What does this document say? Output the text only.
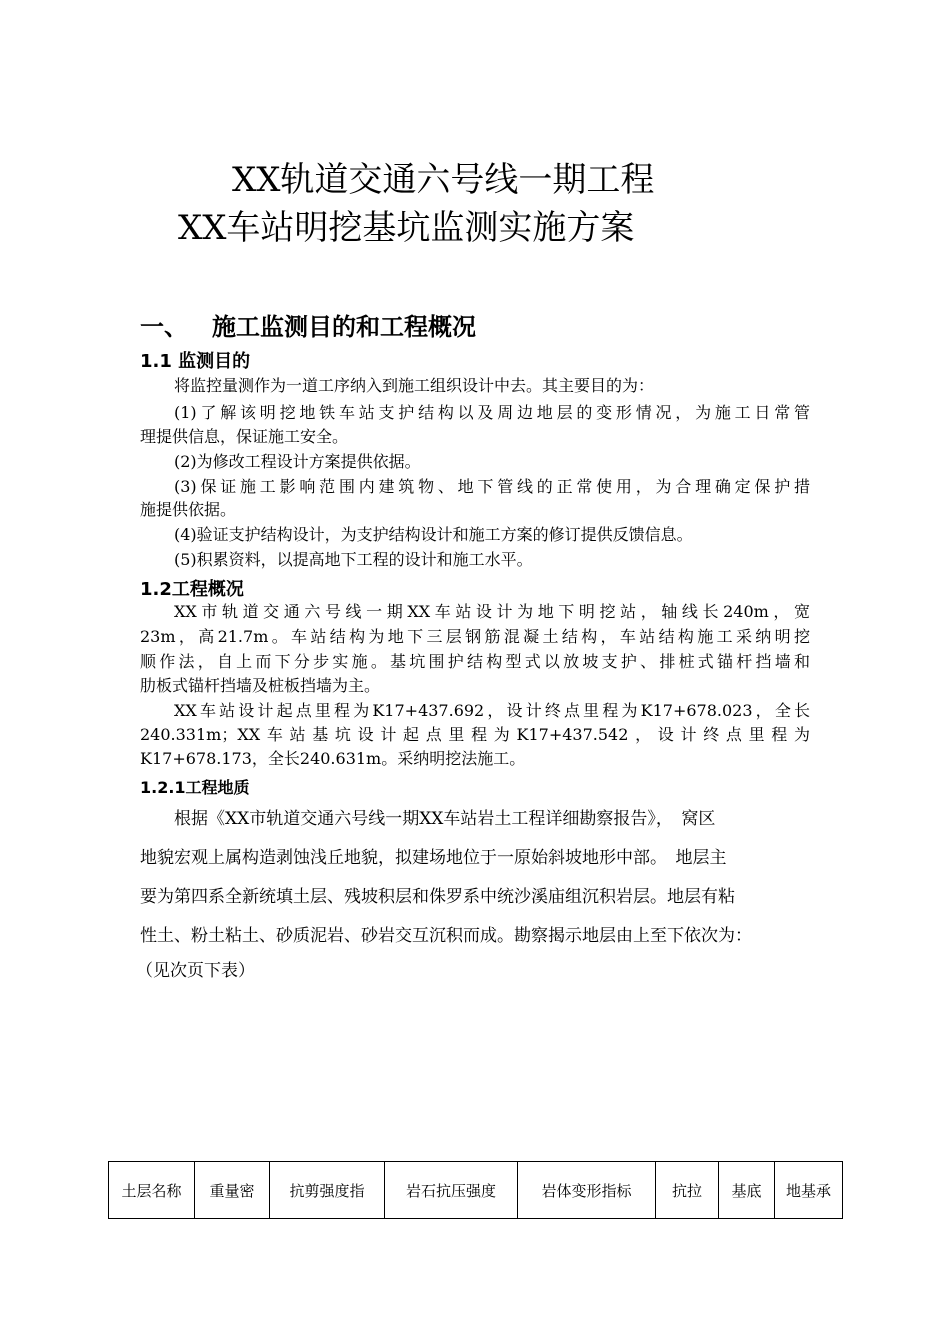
XX轨道交通六号线一期工程
XX车站明挖基坑监测实施方案
一、 施工监测目的和工程概况
1.1 监测目的
将监控量测作为一道工序纳入到施工组织设计中去。其主要目的为：
(1)了解该明挖地铁车站支护结构以及周边地层的变形情况，为施工日常管
理提供信息，保证施工安全。
(2)为修改工程设计方案提供依据。
(3)保证施工影响范围内建筑物、地下管线的正常使用，为合理确定保护措
施提供依据。
(4)验证支护结构设计，为支护结构设计和施工方案的修订提供反馈信息。
(5)积累资料，以提高地下工程的设计和施工水平。
1.2工程概况
XX市轨道交通六号线一期XX车站设计为地下明挖站，轴线长240m，宽
23m，高21.7m。车站结构为地下三层钢筋混凝土结构，车站结构施工采纳明挖
顺作法，自上而下分步实施。基坑围护结构型式以放坡支护、排桩式锚杆挡墙和
肋板式锚杆挡墙及桩板挡墙为主。
XX车站设计起点里程为K17+437.692，设计终点里程为K17+678.023，全长
240.331m；XX车站基坑设计起点里程为K17+437.542，设计终点里程为
K17+678.173，全长240.631m。采纳明挖法施工。
1.2.1工程地质
根据《XX市轨道交通六号线一期XX车站岩土工程详细勘察报告》，　窝区
地貌宏观上属构造剥蚀浅丘地貌，拟建场地位于一原始斜坡地形中部。　地层主
要为第四系全新统填土层、残坡积层和侏罗系中统沙溪庙组沉积岩层。地层有粘
性土、粉土粘土、砂质泥岩、砂岩交互沉积而成。勘察揭示地层由上至下依次为：
（见次页下表）
土层名称	重量密	抗剪强度指	岩石抗压强度	岩体变形指标	抗拉	基底	地基承
